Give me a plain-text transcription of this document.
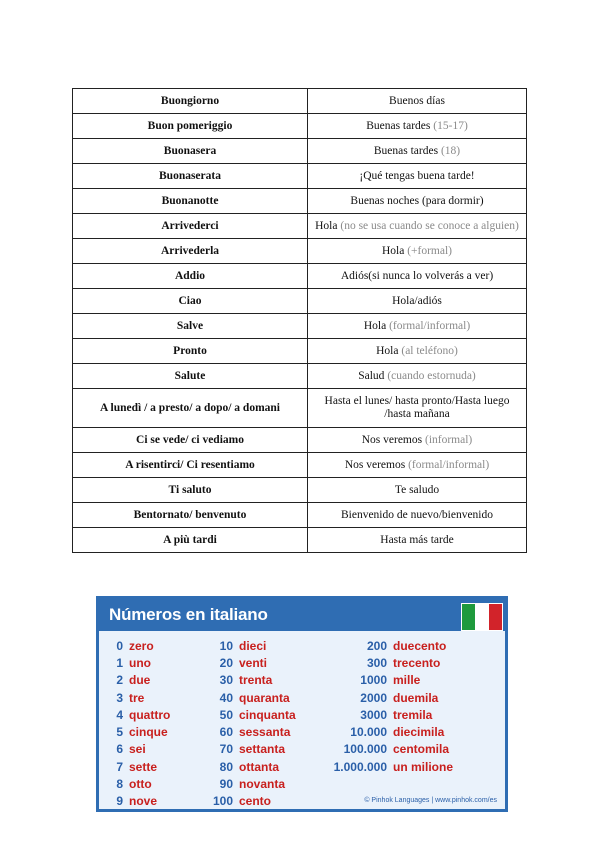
Buongiorno	Buenos días
Buon pomeriggio	Buenas tardes (15-17)
Buonasera	Buenas tardes (18)
Buonaserata	¡Qué tengas buena tarde!
Buonanotte	Buenas noches (para dormir)
Arrivederci	Hola (no se usa cuando se conoce a alguien)
Arrivederla	Hola (+formal)
Addio	Adiós(si nunca lo volverás a ver)
Ciao	Hola/adiós
Salve	Hola (formal/informal)
Pronto	Hola (al teléfono)
Salute	Salud (cuando estornuda)
A lunedì / a presto/ a dopo/ a domani	Hasta el lunes/ hasta pronto/Hasta luego /hasta mañana
Ci se vede/ ci vediamo	Nos veremos (informal)
A risentirci/ Ci resentiamo	Nos veremos (formal/informal)
Ti saluto	Te saludo
Bentornato/ benvenuto	Bienvenido de nuevo/bienvenido
A più tardi	Hasta más tarde
Números en italiano
0 zero
1 uno
2 due
3 tre
4 quattro
5 cinque
6 sei
7 sette
8 otto
9 nove
10 dieci
20 venti
30 trenta
40 quaranta
50 cinquanta
60 sessanta
70 settanta
80 ottanta
90 novanta
100 cento
200 duecento
300 trecento
1000 mille
2000 duemila
3000 tremila
10.000 diecimila
100.000 centomila
1.000.000 un milione
© Pinhok Languages | www.pinhok.com/es
